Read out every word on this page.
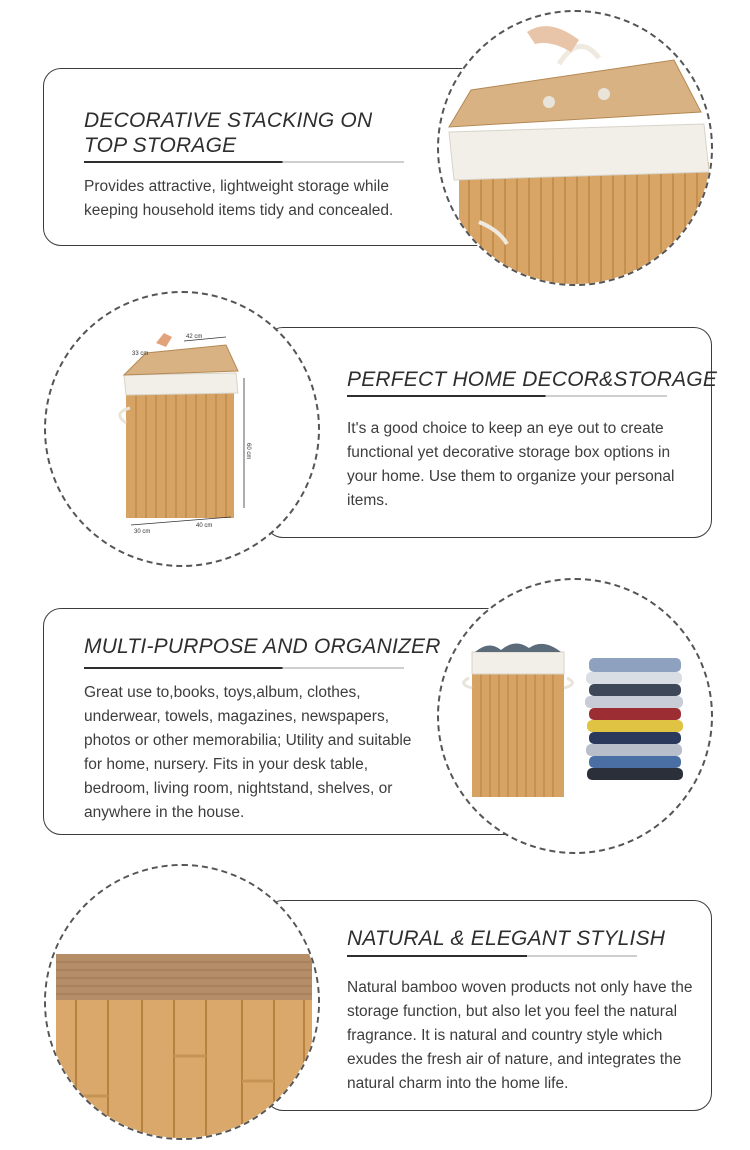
DECORATIVE STACKING ON
TOP STORAGE

Provides attractive, lightweight storage while keeping household items tidy and concealed.

PERFECT HOME DECOR&STORAGE

It's a good choice to keep an eye out to create functional yet decorative storage box options in your home. Use them to organize your personal items.

42 cm
33 cm
60 cm
40 cm
30 cm
MULTI-PURPOSE AND ORGANIZER

Great use to,books, toys,album, clothes, underwear, towels, magazines, newspapers, photos or other memorabilia; Utility and suitable for home, nursery. Fits in your desk table, bedroom, living room, nightstand, shelves, or anywhere in the house.

NATURAL & ELEGANT STYLISH

Natural bamboo woven products not only have the storage function, but also let you feel the natural fragrance. It is natural and country style which exudes the fresh air of nature, and integrates the natural charm into the home life.
